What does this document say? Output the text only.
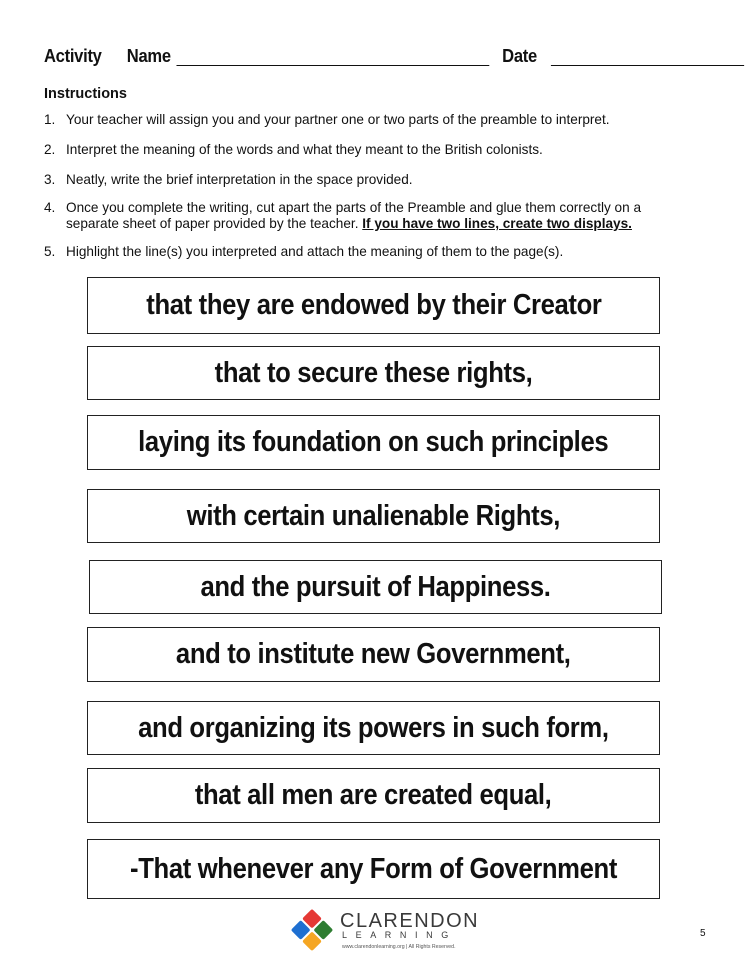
Activity Name	Date
Instructions
1. Your teacher will assign you and your partner one or two parts of the preamble to interpret.
2. Interpret the meaning of the words and what they meant to the British colonists.
3. Neatly, write the brief interpretation in the space provided.
4. Once you complete the writing, cut apart the parts of the Preamble and glue them correctly on a separate sheet of paper provided by the teacher. If you have two lines, create two displays.
5. Highlight the line(s) you interpreted and attach the meaning of them to the page(s).
that they are endowed by their Creator
that to secure these rights,
laying its foundation on such principles
with certain unalienable Rights,
and the pursuit of Happiness.
and to institute new Government,
and organizing its powers in such form,
that all men are created equal,
-That whenever any Form of Government
CLARENDON
LEARNING
www.clarendonlearning.org | All Rights Reserved.
5
